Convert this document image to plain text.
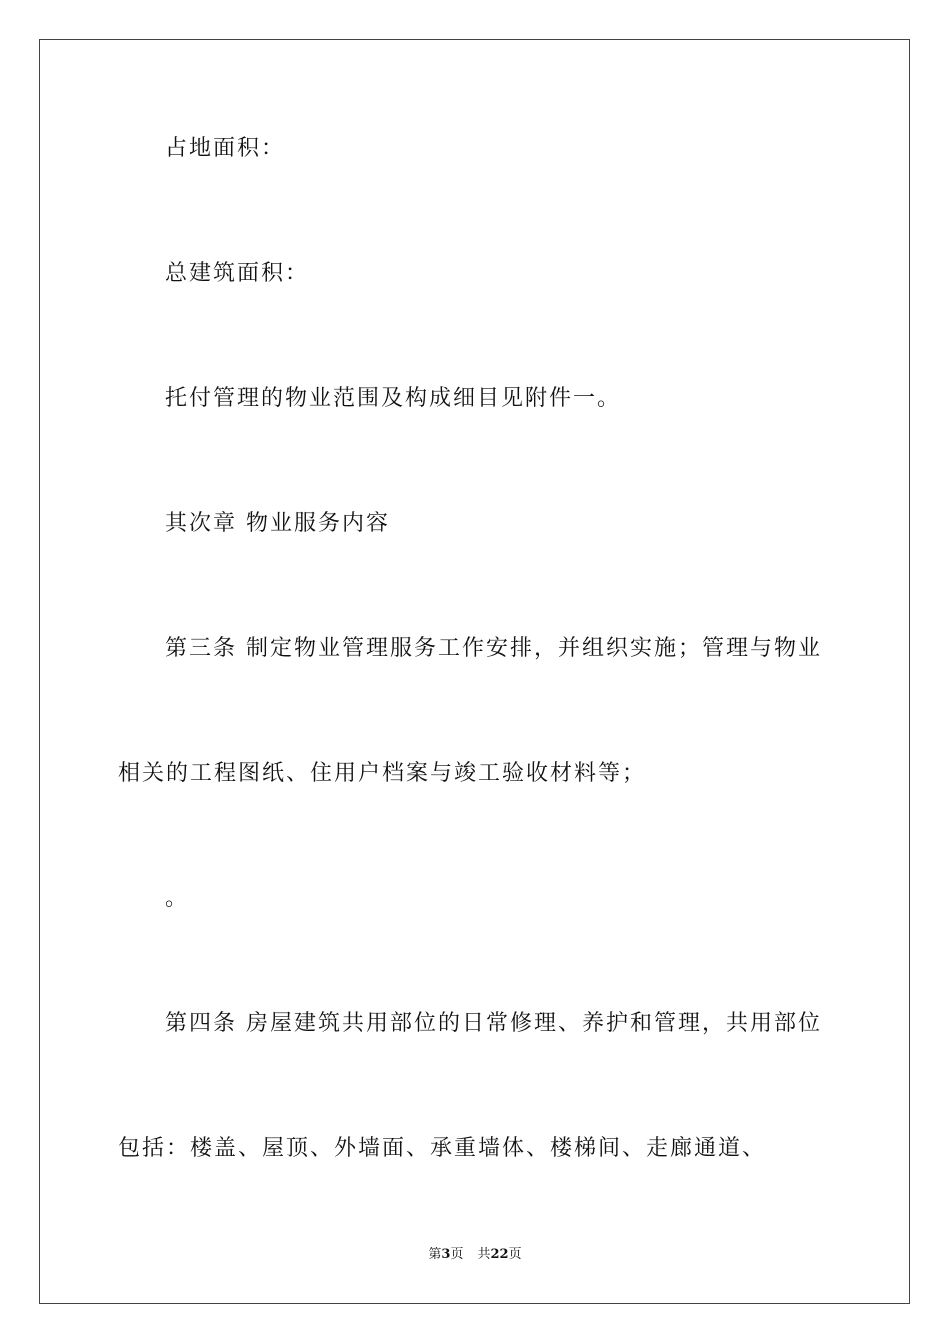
占地面积：
总建筑面积：
托付管理的物业范围及构成细目见附件一。
其次章 物业服务内容
第三条 制定物业管理服务工作安排，并组织实施；管理与物业
相关的工程图纸、住用户档案与竣工验收材料等；
。
第四条 房屋建筑共用部位的日常修理、养护和管理，共用部位
包括：楼盖、屋顶、外墙面、承重墙体、楼梯间、走廊通道、
第3页 共22页
